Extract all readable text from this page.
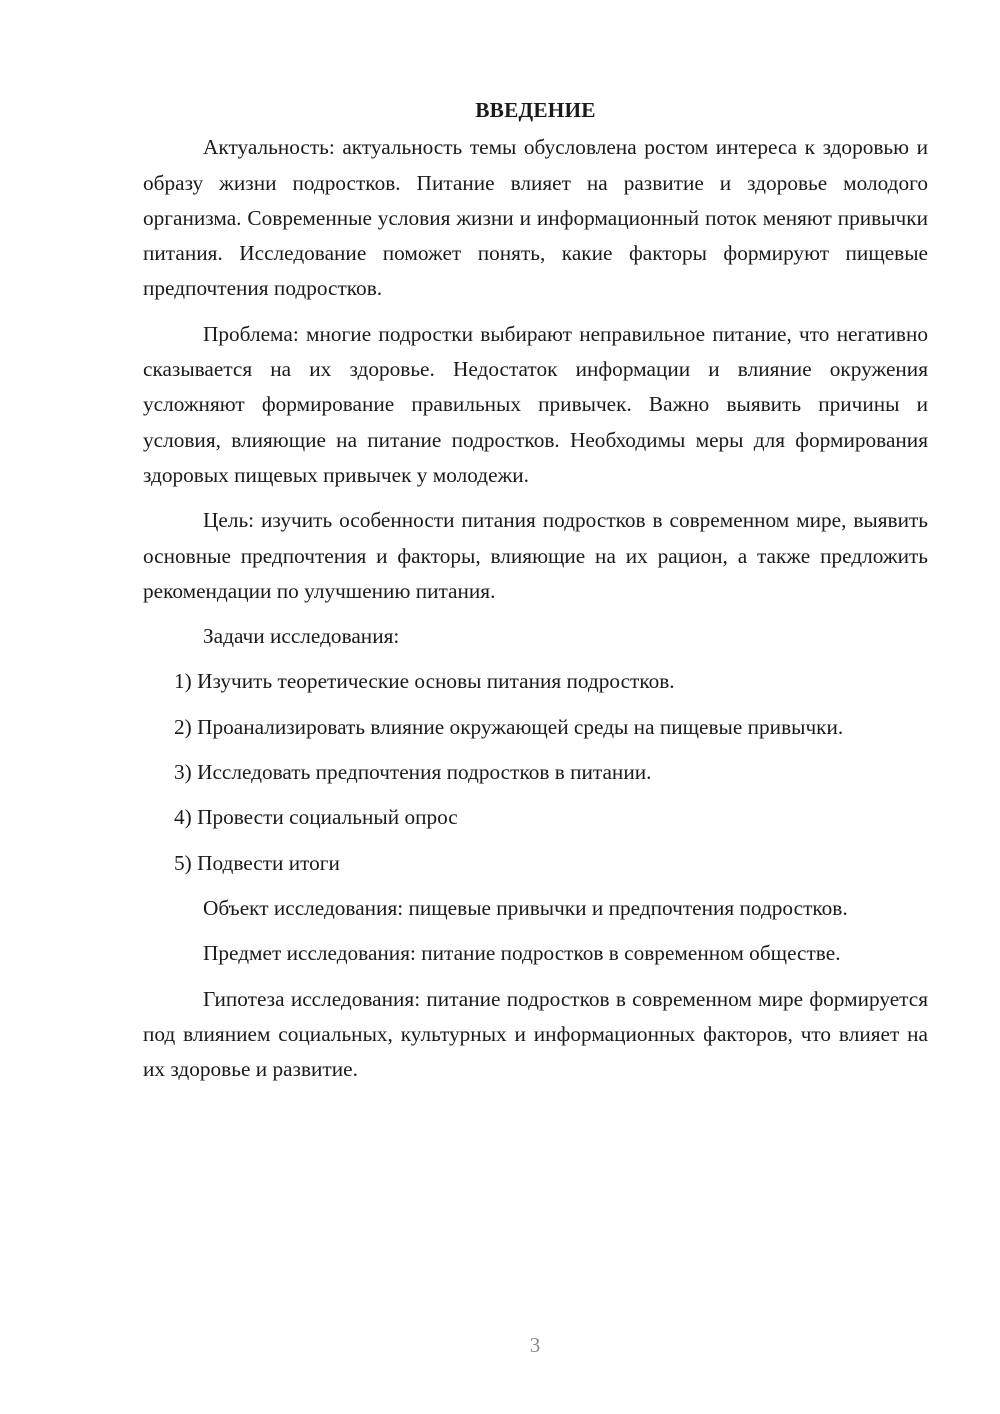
ВВЕДЕНИЕ

Актуальность: актуальность темы обусловлена ростом интереса к здоровью и образу жизни подростков. Питание влияет на развитие и здоровье молодого организма. Современные условия жизни и информационный поток меняют привычки питания. Исследование поможет понять, какие факторы формируют пищевые предпочтения подростков.

Проблема: многие подростки выбирают неправильное питание, что негативно сказывается на их здоровье. Недостаток информации и влияние окружения усложняют формирование правильных привычек. Важно выявить причины и условия, влияющие на питание подростков. Необходимы меры для формирования здоровых пищевых привычек у молодежи.

Цель: изучить особенности питания подростков в современном мире, выявить основные предпочтения и факторы, влияющие на их рацион, а также предложить рекомендации по улучшению питания.

Задачи исследования:

1) Изучить теоретические основы питания подростков.

2) Проанализировать влияние окружающей среды на пищевые привычки.

3) Исследовать предпочтения подростков в питании.

4) Провести социальный опрос

5) Подвести итоги

Объект исследования: пищевые привычки и предпочтения подростков.

Предмет исследования: питание подростков в современном обществе.

Гипотеза исследования: питание подростков в современном мире формируется под влиянием социальных, культурных и информационных факторов, что влияет на их здоровье и развитие.

3
